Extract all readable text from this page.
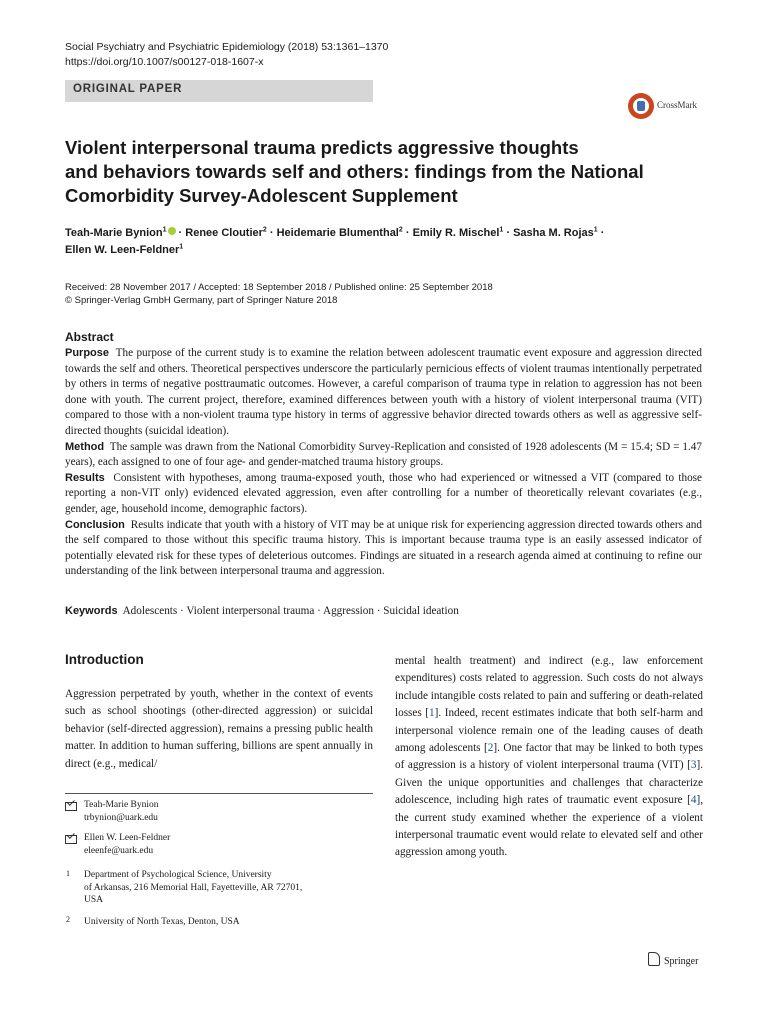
Social Psychiatry and Psychiatric Epidemiology (2018) 53:1361–1370
https://doi.org/10.1007/s00127-018-1607-x
ORIGINAL PAPER
CrossMark
Violent interpersonal trauma predicts aggressive thoughts
and behaviors towards self and others: findings from the National
Comorbidity Survey-Adolescent Supplement
Teah-Marie Bynion$^1$ · Renee Cloutier$^2$ · Heidemarie Blumenthal$^2$ · Emily R. Mischel$^1$ · Sasha M. Rojas$^1$ ·
Ellen W. Leen-Feldner$^1$
Received: 28 November 2017 / Accepted: 18 September 2018 / Published online: 25 September 2018
© Springer-Verlag GmbH Germany, part of Springer Nature 2018
Abstract

Purpose The purpose of the current study is to examine the relation between adolescent traumatic event exposure and aggression directed towards the self and others. Theoretical perspectives underscore the particularly pernicious effects of violent traumas intentionally perpetrated by others in terms of negative posttraumatic outcomes. However, a careful comparison of trauma type in relation to aggression has not been done with youth. The current project, therefore, examined differences between youth with a history of violent interpersonal trauma (VIT) compared to those with a non-violent trauma type history in terms of aggressive behavior directed towards others as well as aggressive self-directed thoughts (suicidal ideation).

Method The sample was drawn from the National Comorbidity Survey-Replication and consisted of 1928 adolescents (M = 15.4; SD = 1.47 years), each assigned to one of four age- and gender-matched trauma history groups.

Results Consistent with hypotheses, among trauma-exposed youth, those who had experienced or witnessed a VIT (compared to those reporting a non-VIT only) evidenced elevated aggression, even after controlling for a number of theoretically relevant covariates (e.g., gender, age, household income, demographic factors).

Conclusion Results indicate that youth with a history of VIT may be at unique risk for experiencing aggression directed towards others and the self compared to those without this specific trauma history. This is important because trauma type is an easily assessed indicator of potentially elevated risk for these types of deleterious outcomes. Findings are situated in a research agenda aimed at continuing to refine our understanding of the link between interpersonal trauma and aggression.

Keywords Adolescents · Violent interpersonal trauma · Aggression · Suicidal ideation
Introduction
Aggression perpetrated by youth, whether in the context of events such as school shootings (other-directed aggression) or suicidal behavior (self-directed aggression), remains a pressing public health matter. In addition to human suffering, billions are spent annually in direct (e.g., medical/
mental health treatment) and indirect (e.g., law enforcement expenditures) costs related to aggression. Such costs do not always include intangible costs related to pain and suffering or death-related losses [1]. Indeed, recent estimates indicate that both self-harm and interpersonal violence remain one of the leading causes of death among adolescents [2]. One factor that may be linked to both types of aggression is a history of violent interpersonal trauma (VIT) [3]. Given the unique opportunities and challenges that characterize adolescence, including high rates of traumatic event exposure [4], the current study examined whether the experience of a violent interpersonal traumatic event would relate to elevated self and other aggression among youth.
Teah-Marie Bynion
trbynion@uark.edu
Ellen W. Leen-Feldner
eleenfe@uark.edu
1 Department of Psychological Science, University
of Arkansas, 216 Memorial Hall, Fayetteville, AR 72701,
USA
2 University of North Texas, Denton, USA
Springer
